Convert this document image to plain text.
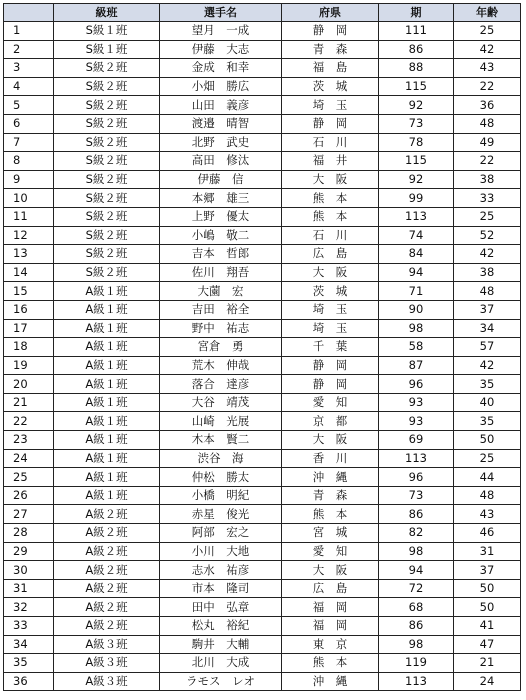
	級班	選手名	府県	期	年齢
1	S級１班	望月　一成	静　岡	111	25
2	S級１班	伊藤　大志	青　森	86	42
3	S級２班	金成　和幸	福　島	88	43
4	S級２班	小畑　勝広	茨　城	115	22
5	S級２班	山田　義彦	埼　玉	92	36
6	S級２班	渡邉　晴智	静　岡	73	48
7	S級２班	北野　武史	石　川	78	49
8	S級２班	高田　修汰	福　井	115	22
9	S級２班	伊藤　信	大　阪	92	38
10	S級２班	本郷　雄三	熊　本	99	33
11	S級２班	上野　優太	熊　本	113	25
12	S級２班	小嶋　敬二	石　川	74	52
13	S級２班	吉本　哲郎	広　島	84	42
14	S級２班	佐川　翔吾	大　阪	94	38
15	A級１班	大薗　宏	茨　城	71	48
16	A級１班	吉田　裕全	埼　玉	90	37
17	A級１班	野中　祐志	埼　玉	98	34
18	A級１班	宮倉　勇	千　葉	58	57
19	A級１班	荒木　伸哉	静　岡	87	42
20	A級１班	落合　達彦	静　岡	96	35
21	A級１班	大谷　靖茂	愛　知	93	40
22	A級１班	山崎　光展	京　都	93	35
23	A級１班	木本　賢二	大　阪	69	50
24	A級１班	渋谷　海	香　川	113	25
25	A級１班	仲松　勝太	沖　縄	96	44
26	A級１班	小橋　明紀	青　森	73	48
27	A級２班	赤星　俊光	熊　本	86	43
28	A級２班	阿部　宏之	宮　城	82	46
29	A級２班	小川　大地	愛　知	98	31
30	A級２班	志水　祐彦	大　阪	94	37
31	A級２班	市本　隆司	広　島	72	50
32	A級２班	田中　弘章	福　岡	68	50
33	A級２班	松丸　裕紀	福　岡	86	41
34	A級３班	駒井　大輔	東　京	98	47
35	A級３班	北川　大成	熊　本	119	21
36	A級３班	ラモス　レオ	沖　縄	113	24
